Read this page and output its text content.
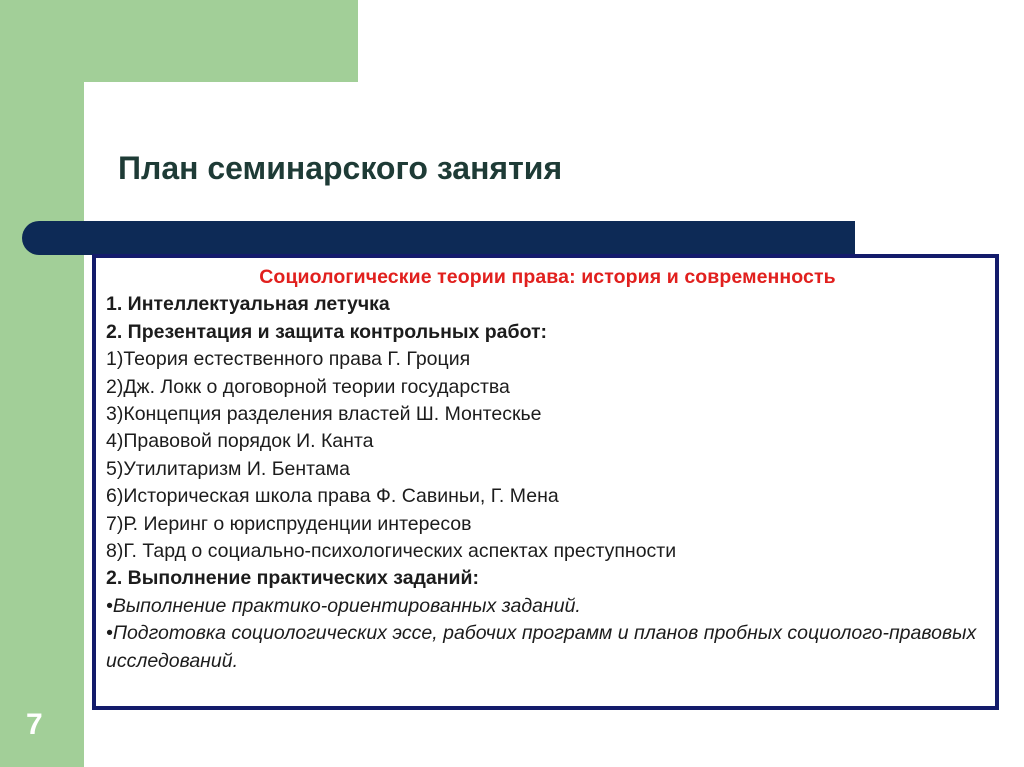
План семинарского занятия
Социологические теории права: история и современность
1. Интеллектуальная летучка
2. Презентация и защита контрольных работ:
1)Теория естественного права Г. Гроция
2)Дж. Локк о договорной теории государства
3)Концепция разделения властей Ш. Монтескье
4)Правовой порядок И. Канта
5)Утилитаризм И. Бентама
6)Историческая школа права Ф. Савиньи, Г. Мена
7)Р. Иеринг о юриспруденции интересов
8)Г. Тард о социально-психологических аспектах преступности
2. Выполнение практических заданий:
•Выполнение практико-ориентированных заданий.
•Подготовка социологических эссе, рабочих программ и планов пробных социолого-правовых исследований.
7
